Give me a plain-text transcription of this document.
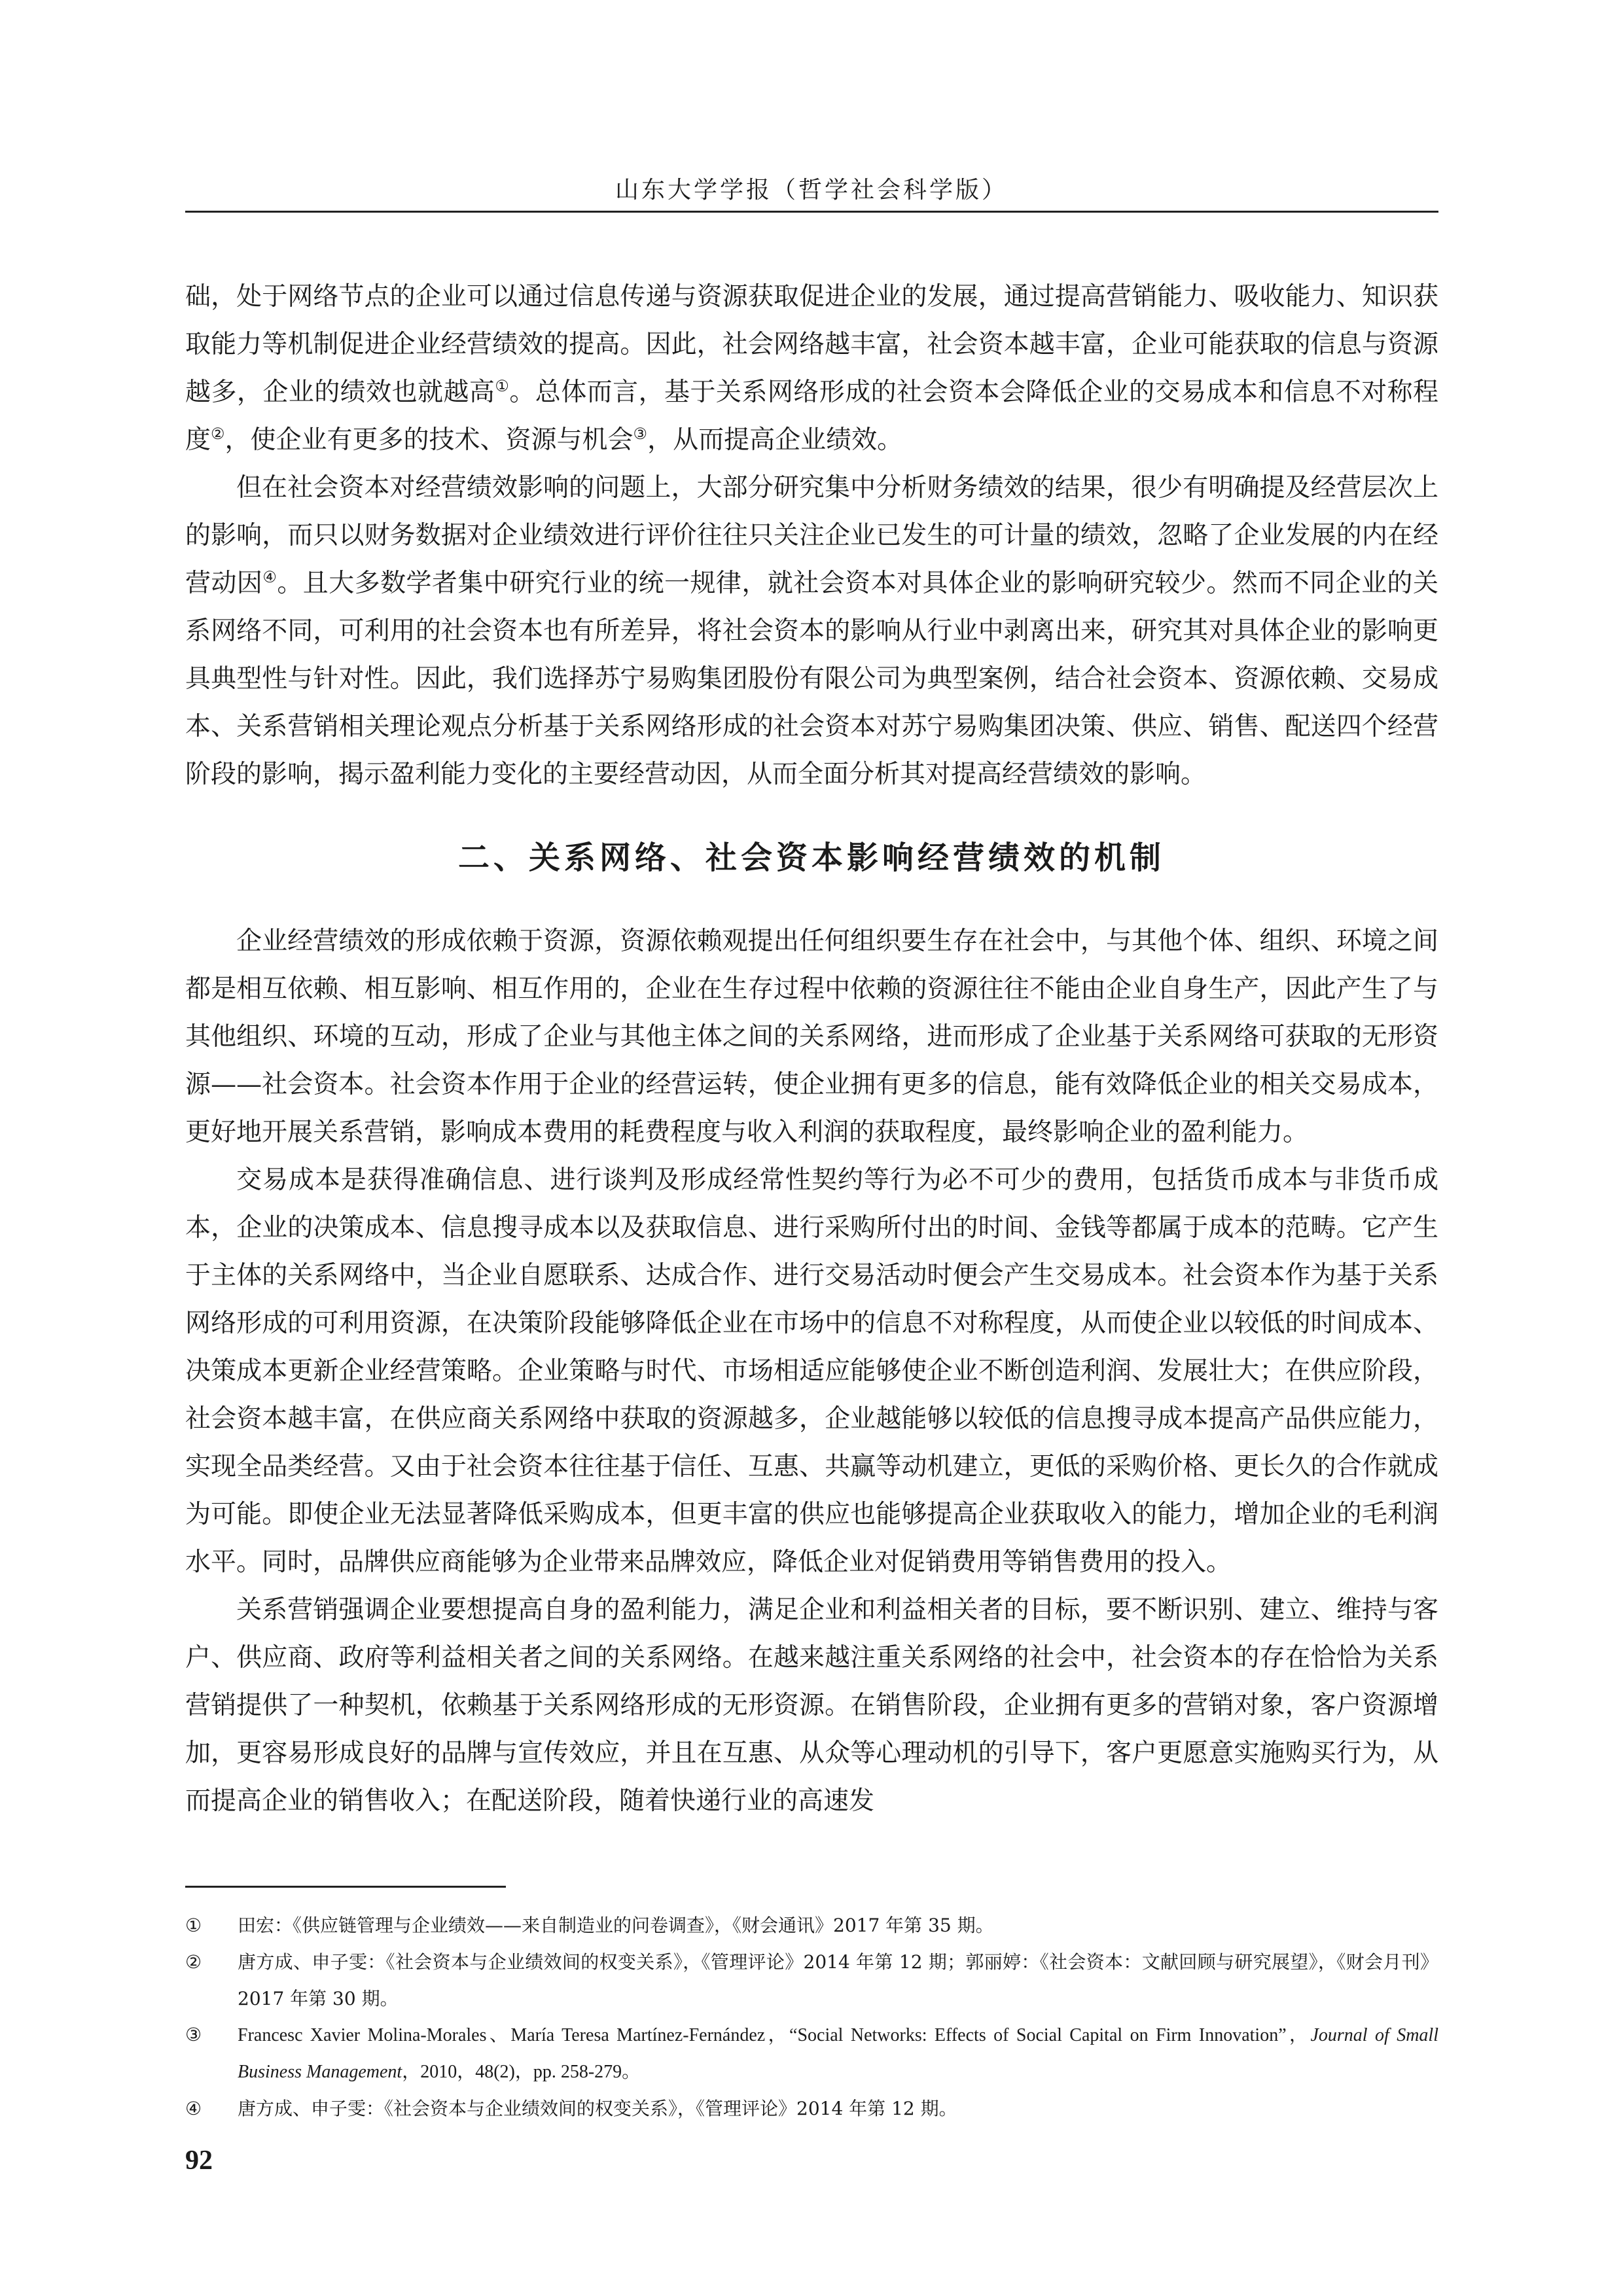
山东大学学报（哲学社会科学版）

础，处于网络节点的企业可以通过信息传递与资源获取促进企业的发展，通过提高营销能力、吸收能力、知识获取能力等机制促进企业经营绩效的提高。因此，社会网络越丰富，社会资本越丰富，企业可能获取的信息与资源越多，企业的绩效也就越高①。总体而言，基于关系网络形成的社会资本会降低企业的交易成本和信息不对称程度②，使企业有更多的技术、资源与机会③，从而提高企业绩效。

但在社会资本对经营绩效影响的问题上，大部分研究集中分析财务绩效的结果，很少有明确提及经营层次上的影响，而只以财务数据对企业绩效进行评价往往只关注企业已发生的可计量的绩效，忽略了企业发展的内在经营动因④。且大多数学者集中研究行业的统一规律，就社会资本对具体企业的影响研究较少。然而不同企业的关系网络不同，可利用的社会资本也有所差异，将社会资本的影响从行业中剥离出来，研究其对具体企业的影响更具典型性与针对性。因此，我们选择苏宁易购集团股份有限公司为典型案例，结合社会资本、资源依赖、交易成本、关系营销相关理论观点分析基于关系网络形成的社会资本对苏宁易购集团决策、供应、销售、配送四个经营阶段的影响，揭示盈利能力变化的主要经营动因，从而全面分析其对提高经营绩效的影响。

二、关系网络、社会资本影响经营绩效的机制

企业经营绩效的形成依赖于资源，资源依赖观提出任何组织要生存在社会中，与其他个体、组织、环境之间都是相互依赖、相互影响、相互作用的，企业在生存过程中依赖的资源往往不能由企业自身生产，因此产生了与其他组织、环境的互动，形成了企业与其他主体之间的关系网络，进而形成了企业基于关系网络可获取的无形资源——社会资本。社会资本作用于企业的经营运转，使企业拥有更多的信息，能有效降低企业的相关交易成本，更好地开展关系营销，影响成本费用的耗费程度与收入利润的获取程度，最终影响企业的盈利能力。

交易成本是获得准确信息、进行谈判及形成经常性契约等行为必不可少的费用，包括货币成本与非货币成本，企业的决策成本、信息搜寻成本以及获取信息、进行采购所付出的时间、金钱等都属于成本的范畴。它产生于主体的关系网络中，当企业自愿联系、达成合作、进行交易活动时便会产生交易成本。社会资本作为基于关系网络形成的可利用资源，在决策阶段能够降低企业在市场中的信息不对称程度，从而使企业以较低的时间成本、决策成本更新企业经营策略。企业策略与时代、市场相适应能够使企业不断创造利润、发展壮大；在供应阶段，社会资本越丰富，在供应商关系网络中获取的资源越多，企业越能够以较低的信息搜寻成本提高产品供应能力，实现全品类经营。又由于社会资本往往基于信任、互惠、共赢等动机建立，更低的采购价格、更长久的合作就成为可能。即使企业无法显著降低采购成本，但更丰富的供应也能够提高企业获取收入的能力，增加企业的毛利润水平。同时，品牌供应商能够为企业带来品牌效应，降低企业对促销费用等销售费用的投入。

关系营销强调企业要想提高自身的盈利能力，满足企业和利益相关者的目标，要不断识别、建立、维持与客户、供应商、政府等利益相关者之间的关系网络。在越来越注重关系网络的社会中，社会资本的存在恰恰为关系营销提供了一种契机，依赖基于关系网络形成的无形资源。在销售阶段，企业拥有更多的营销对象，客户资源增加，更容易形成良好的品牌与宣传效应，并且在互惠、从众等心理动机的引导下，客户更愿意实施购买行为，从而提高企业的销售收入；在配送阶段，随着快递行业的高速发

① 田宏：《供应链管理与企业绩效——来自制造业的问卷调查》，《财会通讯》2017 年第 35 期。
② 唐方成、申子雯：《社会资本与企业绩效间的权变关系》，《管理评论》2014 年第 12 期；郭丽婷：《社会资本：文献回顾与研究展望》，《财会月刊》2017 年第 30 期。
③ Francesc Xavier Molina-Morales、María Teresa Martínez-Fernández，“Social Networks: Effects of Social Capital on Firm Innovation”，Journal of Small Business Management，2010，48(2)，pp. 258-279。
④ 唐方成、申子雯：《社会资本与企业绩效间的权变关系》，《管理评论》2014 年第 12 期。
92
